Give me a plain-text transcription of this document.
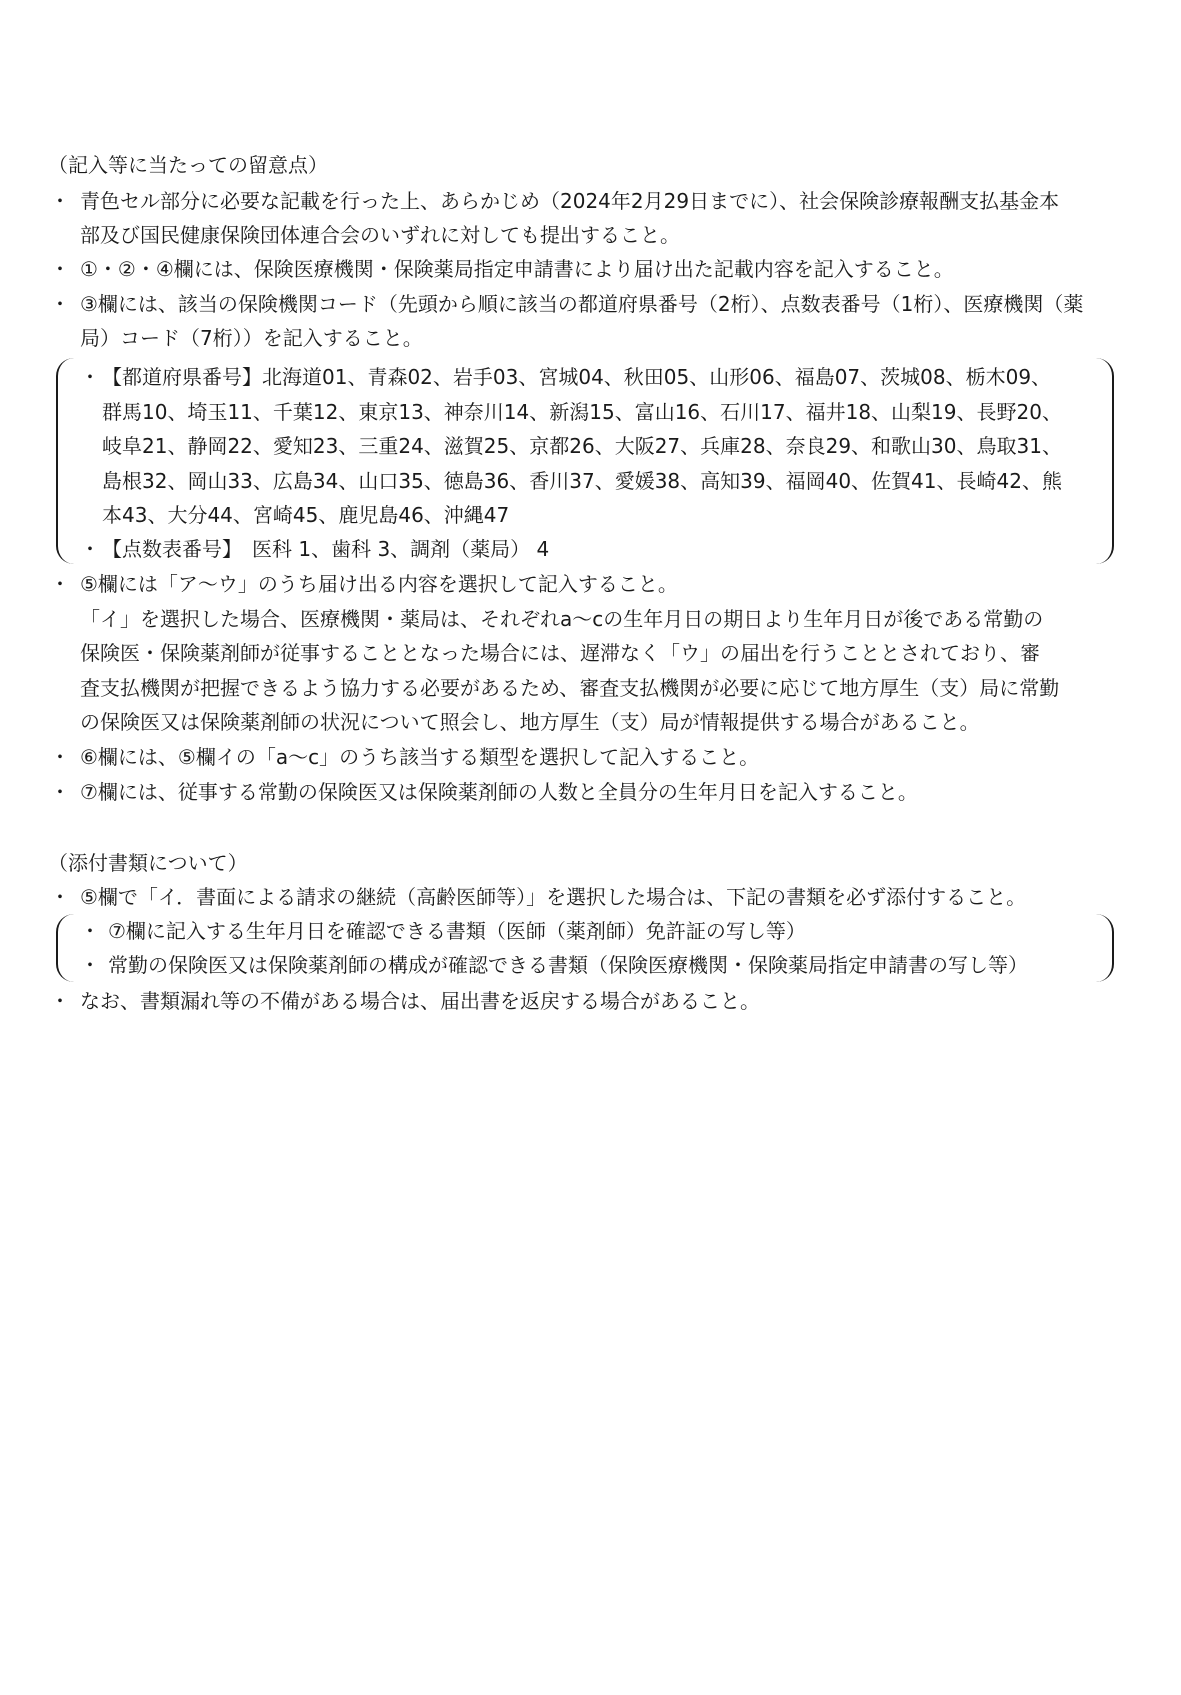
（記入等に当たっての留意点）
・ 青色セル部分に必要な記載を行った上、あらかじめ（2024年2月29日までに）、社会保険診療報酬支払基金本
部及び国民健康保険団体連合会のいずれに対しても提出すること。
・ ①・②・④欄には、保険医療機関・保険薬局指定申請書により届け出た記載内容を記入すること。
・ ③欄には、該当の保険機関コード（先頭から順に該当の都道府県番号（2桁）、点数表番号（1桁）、医療機関（薬
局）コード（7桁））を記入すること。
・ 【都道府県番号】北海道01、青森02、岩手03、宮城04、秋田05、山形06、福島07、茨城08、栃木09、
群馬10、埼玉11、千葉12、東京13、神奈川14、新潟15、富山16、石川17、福井18、山梨19、長野20、
岐阜21、静岡22、愛知23、三重24、滋賀25、京都26、大阪27、兵庫28、奈良29、和歌山30、鳥取31、
島根32、岡山33、広島34、山口35、徳島36、香川37、愛媛38、高知39、福岡40、佐賀41、長崎42、熊
本43、大分44、宮崎45、鹿児島46、沖縄47
・ 【点数表番号】　医科 1、歯科 3、調剤（薬局） 4
・ ⑤欄には「ア～ウ」のうち届け出る内容を選択して記入すること。
「イ」を選択した場合、医療機関・薬局は、それぞれa～cの生年月日の期日より生年月日が後である常勤の
保険医・保険薬剤師が従事することとなった場合には、遅滞なく「ウ」の届出を行うこととされており、審
査支払機関が把握できるよう協力する必要があるため、審査支払機関が必要に応じて地方厚生（支）局に常勤
の保険医又は保険薬剤師の状況について照会し、地方厚生（支）局が情報提供する場合があること。
・ ⑥欄には、⑤欄イの「a～c」のうち該当する類型を選択して記入すること。
・ ⑦欄には、従事する常勤の保険医又は保険薬剤師の人数と全員分の生年月日を記入すること。
（添付書類について）
・ ⑤欄で「イ．書面による請求の継続（高齢医師等）」を選択した場合は、下記の書類を必ず添付すること。
・ ⑦欄に記入する生年月日を確認できる書類（医師（薬剤師）免許証の写し等）
・ 常勤の保険医又は保険薬剤師の構成が確認できる書類（保険医療機関・保険薬局指定申請書の写し等）
・ なお、書類漏れ等の不備がある場合は、届出書を返戻する場合があること。
